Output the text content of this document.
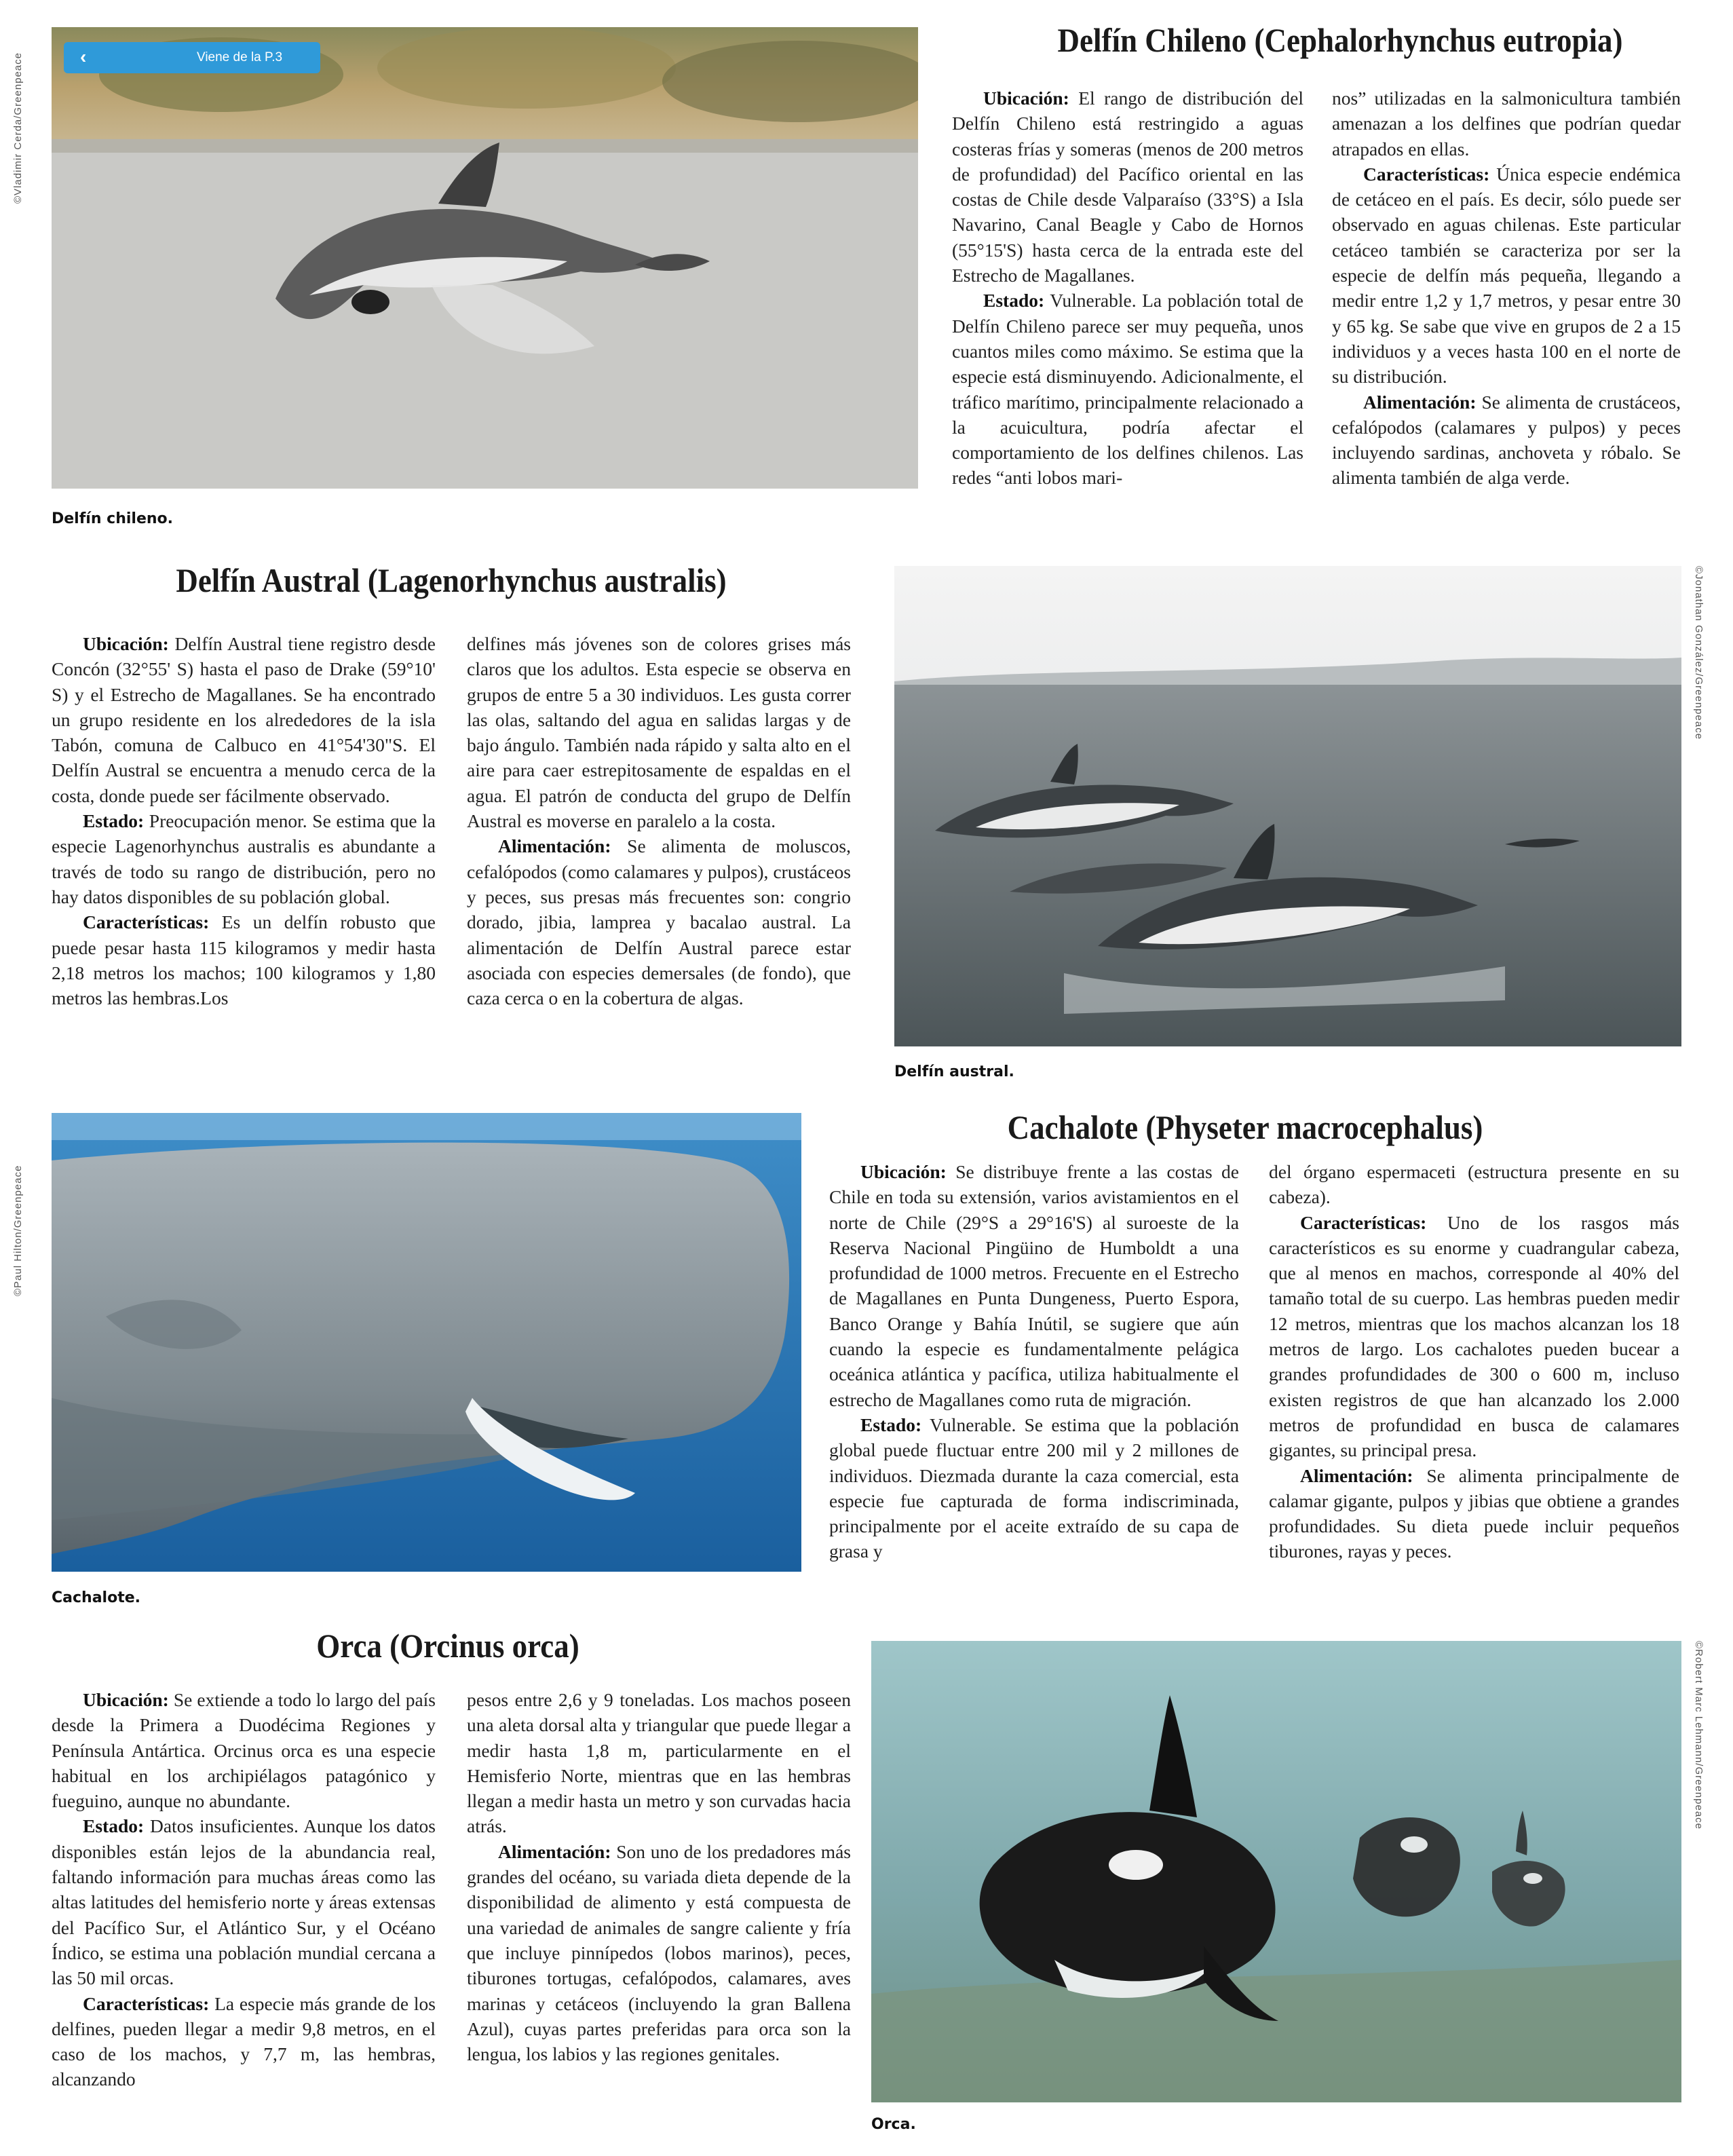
‹	Viene de la P.3
©Vladimir Cerda/Greenpeace
Delfín chileno.
Delfín Chileno (Cephalorhynchus eutropia)

Ubicación: El rango de distribución del Delfín Chileno está restringido a aguas costeras frías y someras (menos de 200 metros de profundidad) del Pacífico oriental en las costas de Chile desde Valparaíso (33°S) a Isla Navarino, Canal Beagle y Cabo de Hornos (55°15'S) hasta cerca de la entrada este del Estrecho de Magallanes.

Estado: Vulnerable. La población total de Delfín Chileno parece ser muy pequeña, unos cuantos miles como máximo. Se estima que la especie está disminuyendo. Adicionalmente, el tráfico marítimo, principalmente relacionado a la acuicultura, podría afectar el comportamiento de los delfines chilenos. Las redes “anti lobos mari-

nos” utilizadas en la salmonicultura también amenazan a los delfines que podrían quedar atrapados en ellas.

Características: Única especie endémica de cetáceo en el país. Es decir, sólo puede ser observado en aguas chilenas. Este particular cetáceo también se caracteriza por ser la especie de delfín más pequeña, llegando a medir entre 1,2 y 1,7 metros, y pesar entre 30 y 65 kg. Se sabe que vive en grupos de 2 a 15 individuos y a veces hasta 100 en el norte de su distribución.

Alimentación: Se alimenta de crustáceos, cefalópodos (calamares y pulpos) y peces incluyendo sardinas, anchoveta y róbalo. Se alimenta también de alga verde.

Delfín Austral (Lagenorhynchus australis)

Ubicación: Delfín Austral tiene registro desde Concón (32°55' S) hasta el paso de Drake (59°10' S) y el Estrecho de Magallanes. Se ha encontrado un grupo residente en los alrededores de la isla Tabón, comuna de Calbuco en 41°54'30"S. El Delfín Austral se encuentra a menudo cerca de la costa, donde puede ser fácilmente observado.

Estado: Preocupación menor. Se estima que la especie Lagenorhynchus australis es abundante a través de todo su rango de distribución, pero no hay datos disponibles de su población global.

Características: Es un delfín robusto que puede pesar hasta 115 kilogramos y medir hasta 2,18 metros los machos; 100 kilogramos y 1,80 metros las hembras.Los

delfines más jóvenes son de colores grises más claros que los adultos. Esta especie se observa en grupos de entre 5 a 30 individuos. Les gusta correr las olas, saltando del agua en salidas largas y de bajo ángulo. También nada rápido y salta alto en el aire para caer estrepitosamente de espaldas en el agua. El patrón de conducta del grupo de Delfín Austral es moverse en paralelo a la costa.

Alimentación: Se alimenta de moluscos, cefalópodos (como calamares y pulpos), crustáceos y peces, sus presas más frecuentes son: congrio dorado, jibia, lamprea y bacalao austral. La alimentación de Delfín Austral parece estar asociada con especies demersales (de fondo), que caza cerca o en la cobertura de algas.

©Jonathan González/Greenpeace
Delfín austral.
©Paul Hilton/Greenpeace
Cachalote.
Cachalote (Physeter macrocephalus)

Ubicación: Se distribuye frente a las costas de Chile en toda su extensión, varios avistamientos en el norte de Chile (29°S a 29°16'S) al suroeste de la Reserva Nacional Pingüino de Humboldt a una profundidad de 1000 metros. Frecuente en el Estrecho de Magallanes en Punta Dungeness, Puerto Espora, Banco Orange y Bahía Inútil, se sugiere que aún cuando la especie es fundamentalmente pelágica oceánica atlántica y pacífica, utiliza habitualmente el estrecho de Magallanes como ruta de migración.

Estado: Vulnerable. Se estima que la población global puede fluctuar entre 200 mil y 2 millones de individuos. Diezmada durante la caza comercial, esta especie fue capturada de forma indiscriminada, principalmente por el aceite extraído de su capa de grasa y

del órgano espermaceti (estructura presente en su cabeza).

Características: Uno de los rasgos más característicos es su enorme y cuadrangular cabeza, que al menos en machos, corresponde al 40% del tamaño total de su cuerpo. Las hembras pueden medir 12 metros, mientras que los machos alcanzan los 18 metros de largo. Los cachalotes pueden bucear a grandes profundidades de 300 o 600 m, incluso existen registros de que han alcanzado los 2.000 metros de profundidad en busca de calamares gigantes, su principal presa.

Alimentación: Se alimenta principalmente de calamar gigante, pulpos y jibias que obtiene a grandes profundidades. Su dieta puede incluir pequeños tiburones, rayas y peces.

Orca (Orcinus orca)

Ubicación: Se extiende a todo lo largo del país desde la Primera a Duodécima Regiones y Península Antártica. Orcinus orca es una especie habitual en los archipiélagos patagónico y fueguino, aunque no abundante.

Estado: Datos insuficientes. Aunque los datos disponibles están lejos de la abundancia real, faltando información para muchas áreas como las altas latitudes del hemisferio norte y áreas extensas del Pacífico Sur, el Atlántico Sur, y el Océano Índico, se estima una población mundial cercana a las 50 mil orcas.

Características: La especie más grande de los delfines, pueden llegar a medir 9,8 metros, en el caso de los machos, y 7,7 m, las hembras, alcanzando

pesos entre 2,6 y 9 toneladas. Los machos poseen una aleta dorsal alta y triangular que puede llegar a medir hasta 1,8 m, particularmente en el Hemisferio Norte, mientras que en las hembras llegan a medir hasta un metro y son curvadas hacia atrás.

Alimentación: Son uno de los predadores más grandes del océano, su variada dieta depende de la disponibilidad de alimento y está compuesta de una variedad de animales de sangre caliente y fría que incluye pinnípedos (lobos marinos), peces, tiburones tortugas, cefalópodos, calamares, aves marinas y cetáceos (incluyendo la gran Ballena Azul), cuyas partes preferidas para orca son la lengua, los labios y las regiones genitales.

©Robert Marc Lehmann/Greenpeace
Orca.
